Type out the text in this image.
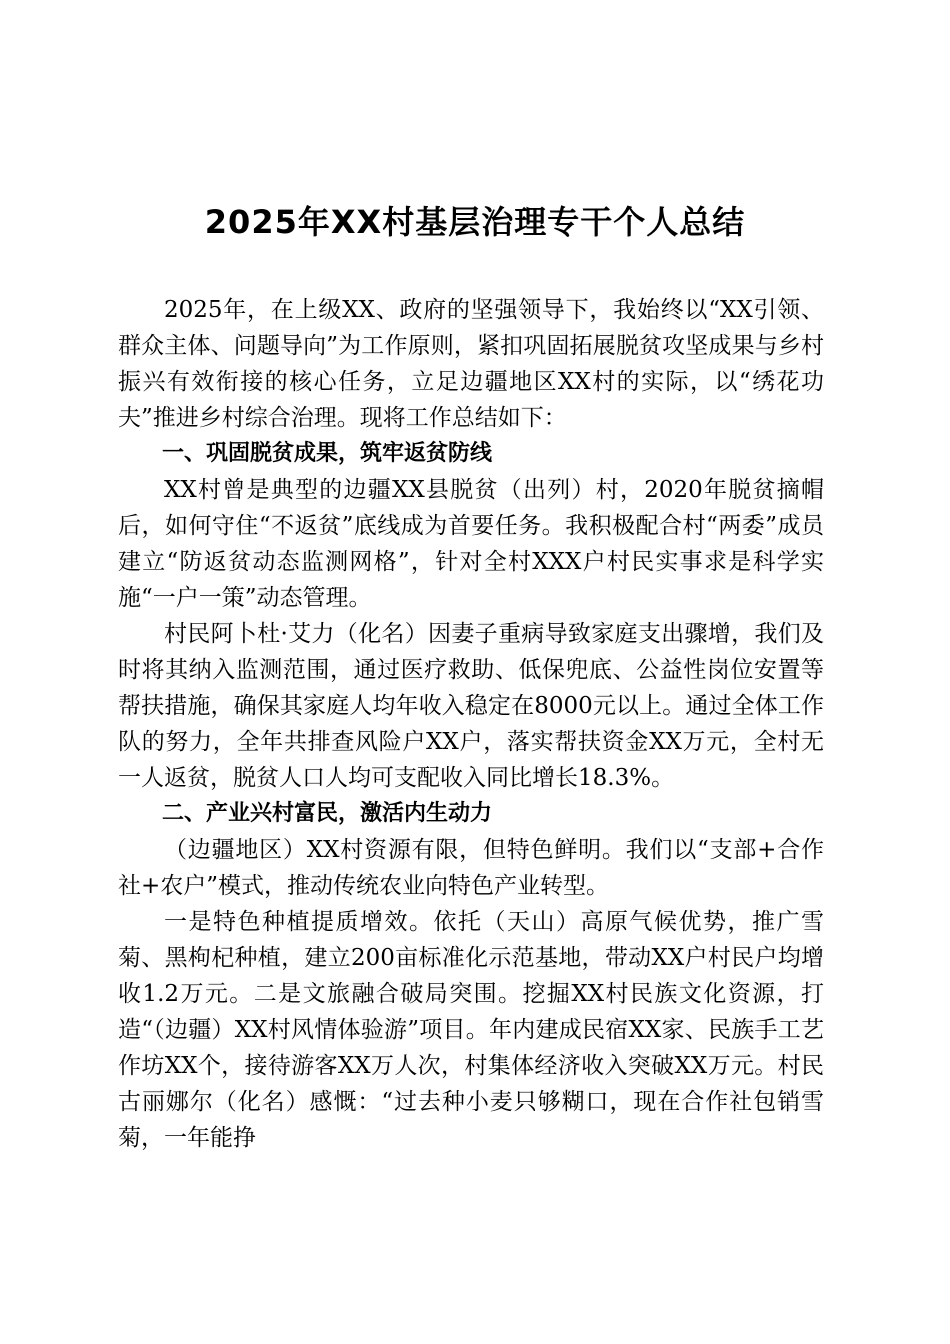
2025年XX村基层治理专干个人总结

2025年，在上级XX、政府的坚强领导下，我始终以“XX引领、群众主体、问题导向”为工作原则，紧扣巩固拓展脱贫攻坚成果与乡村振兴有效衔接的核心任务，立足边疆地区XX村的实际，以“绣花功夫”推进乡村综合治理。现将工作总结如下：

一、巩固脱贫成果，筑牢返贫防线

XX村曾是典型的边疆XX县脱贫（出列）村，2020年脱贫摘帽后，如何守住“不返贫”底线成为首要任务。我积极配合村“两委”成员建立“防返贫动态监测网格”，针对全村XXX户村民实事求是科学实施“一户一策”动态管理。

村民阿卜杜·艾力（化名）因妻子重病导致家庭支出骤增，我们及时将其纳入监测范围，通过医疗救助、低保兜底、公益性岗位安置等帮扶措施，确保其家庭人均年收入稳定在8000元以上。通过全体工作队的努力，全年共排查风险户XX户，落实帮扶资金XX万元，全村无一人返贫，脱贫人口人均可支配收入同比增长18.3%。

二、产业兴村富民，激活内生动力

（边疆地区）XX村资源有限，但特色鲜明。我们以“支部+合作社+农户”模式，推动传统农业向特色产业转型。

一是特色种植提质增效。依托（天山）高原气候优势，推广雪菊、黑枸杞种植，建立200亩标准化示范基地，带动XX户村民户均增收1.2万元。二是文旅融合破局突围。挖掘XX村民族文化资源，打造“（边疆）XX村风情体验游”项目。年内建成民宿XX家、民族手工艺作坊XX个，接待游客XX万人次，村集体经济收入突破XX万元。村民古丽娜尔（化名）感慨：“过去种小麦只够糊口，现在合作社包销雪菊，一年能挣
